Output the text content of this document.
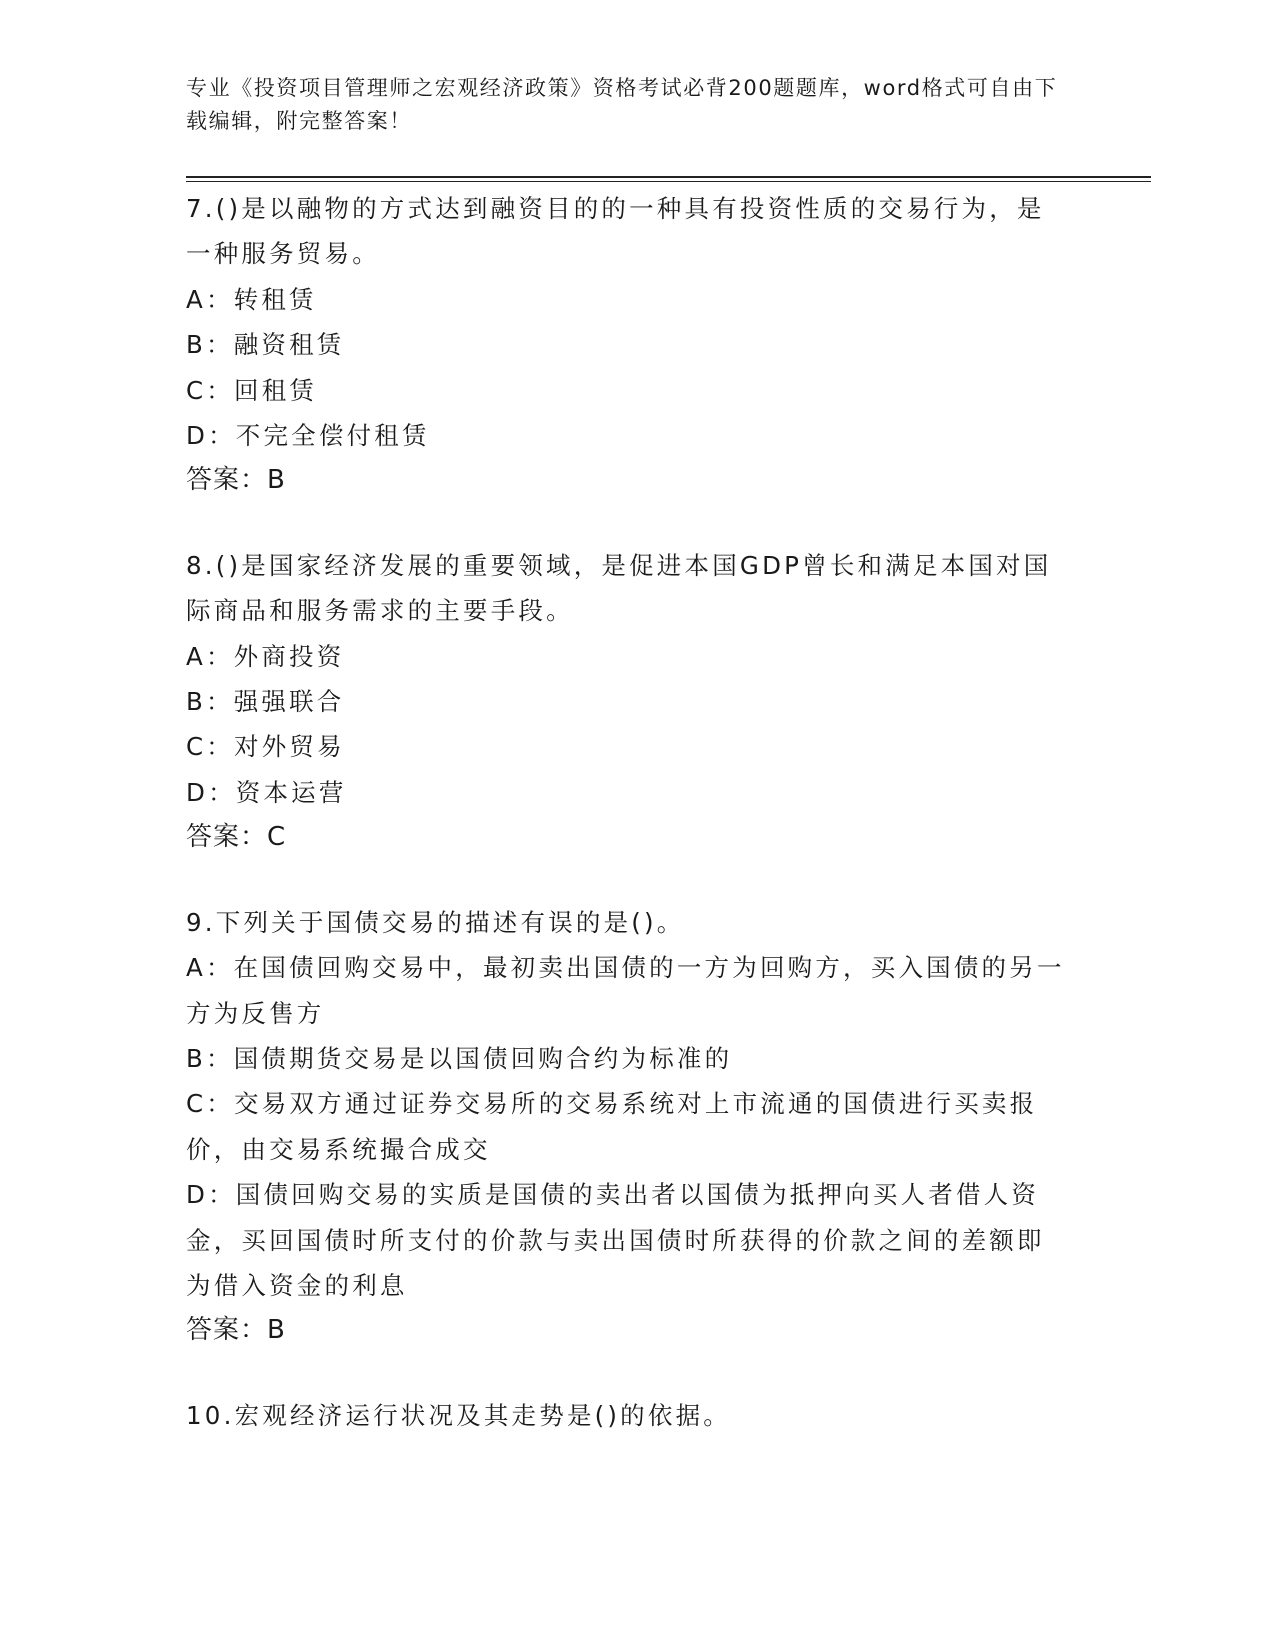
专业《投资项目管理师之宏观经济政策》资格考试必背200题题库，word格式可自由下载编辑，附完整答案！
7.()是以融物的方式达到融资目的的一种具有投资性质的交易行为，是一种服务贸易。
A：转租赁
B：融资租赁
C：回租赁
D：不完全偿付租赁
答案：B
8.()是国家经济发展的重要领域，是促进本国GDP曾长和满足本国对国际商品和服务需求的主要手段。
A：外商投资
B：强强联合
C：对外贸易
D：资本运营
答案：C
9.下列关于国债交易的描述有误的是()。
A：在国债回购交易中，最初卖出国债的一方为回购方，买入国债的另一方为反售方
B：国债期货交易是以国债回购合约为标准的
C：交易双方通过证券交易所的交易系统对上市流通的国债进行买卖报价，由交易系统撮合成交
D：国债回购交易的实质是国债的卖出者以国债为抵押向买人者借人资金，买回国债时所支付的价款与卖出国债时所获得的价款之间的差额即为借入资金的利息
答案：B
10.宏观经济运行状况及其走势是()的依据。
